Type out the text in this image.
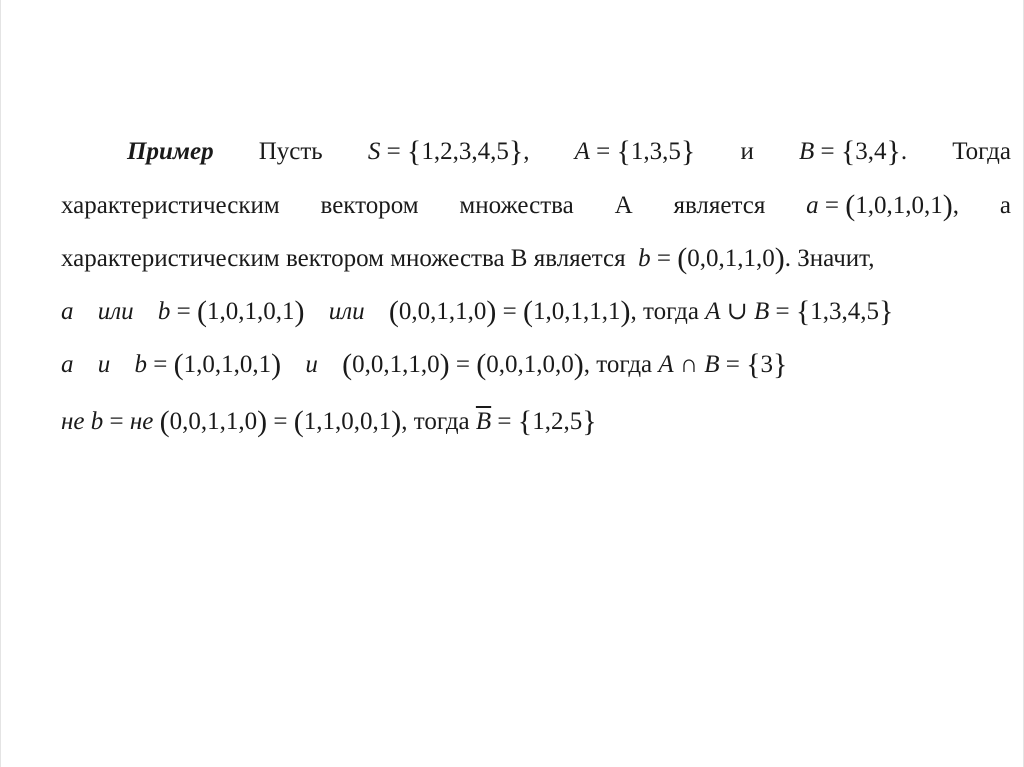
Пример Пусть S = {1,2,3,4,5}, A = {1,3,5} и B = {3,4}. Тогда
характеристическим вектором множества А является a = (1,0,1,0,1), а
характеристическим вектором множества В является b = (0,0,1,1,0). Значит,
a или b = (1,0,1,0,1) или (0,0,1,1,0) = (1,0,1,1,1), тогда A ∪ B = {1,3,4,5}
a и b = (1,0,1,0,1) и (0,0,1,1,0) = (0,0,1,0,0), тогда A ∩ B = {3}
не b = не (0,0,1,1,0) = (1,1,0,0,1), тогда $\overline{B} = \{1,2,5\}$
